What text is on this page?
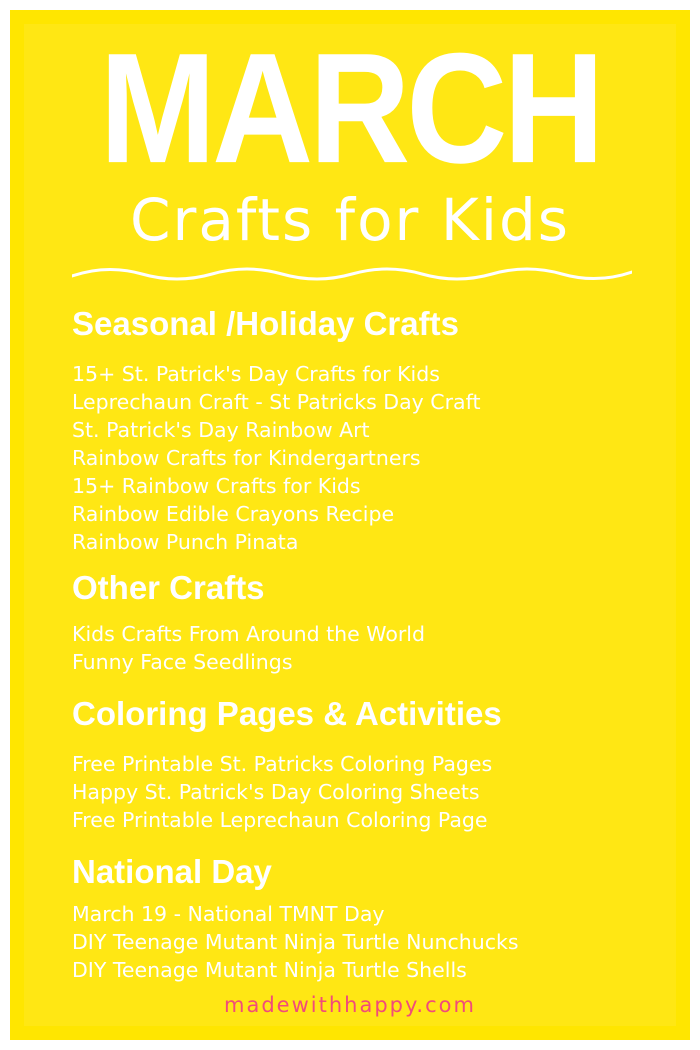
MARCH
Crafts for Kids
Seasonal /Holiday Crafts
15+ St. Patrick's Day Crafts for Kids
Leprechaun Craft - St Patricks Day Craft
St. Patrick's Day Rainbow Art
Rainbow Crafts for Kindergartners
15+ Rainbow Crafts for Kids
Rainbow Edible Crayons Recipe
Rainbow Punch Pinata
Other Crafts
Kids Crafts From Around the World
Funny Face Seedlings
Coloring Pages & Activities
Free Printable St. Patricks Coloring Pages
Happy St. Patrick's Day Coloring Sheets
Free Printable Leprechaun Coloring Page
National Day
March 19 - National TMNT Day
DIY Teenage Mutant Ninja Turtle Nunchucks
DIY Teenage Mutant Ninja Turtle Shells
madewithhappy.com
